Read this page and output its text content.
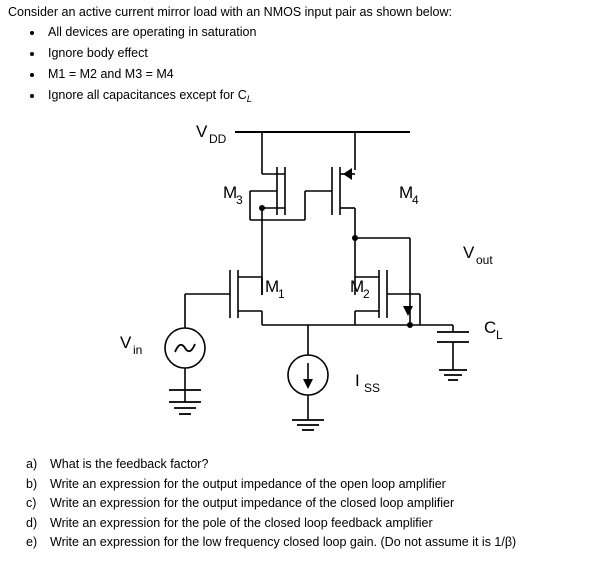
Consider an active current mirror load with an NMOS input pair as shown below:
• All devices are operating in saturation
• Ignore body effect
• M1 = M2 and M3 = M4
• Ignore all capacitances except for $C_L$
V DD
M
3	M
4
M
1	M
2
V out
V in
C L
I SS
a)	What is the feedback factor?
b)	Write an expression for the output impedance of the open loop amplifier
c)	Write an expression for the output impedance of the closed loop amplifier
d)	Write an expression for the pole of the closed loop feedback amplifier
e)	Write an expression for the low frequency closed loop gain. (Do not assume it is 1/β)
